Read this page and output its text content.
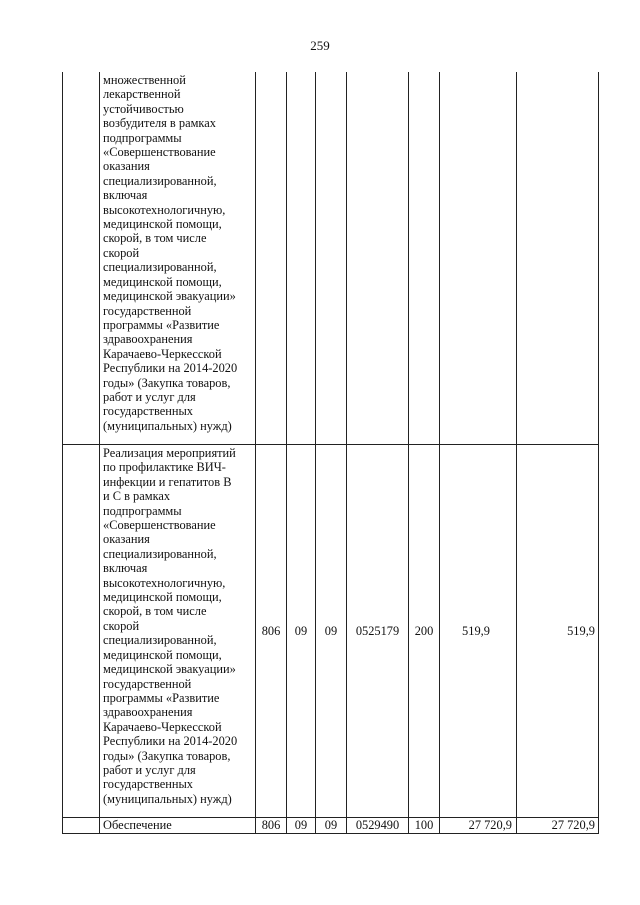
259
множественной
лекарственной
устойчивостью
возбудителя в рамках
подпрограммы
«Совершенствование
оказания
специализированной,
включая
высокотехнологичную,
медицинской помощи,
скорой, в том числе
скорой
специализированной,
медицинской помощи,
медицинской эвакуации»
государственной
программы «Развитие
здравоохранения
Карачаево-Черкесской
Республики на 2014-2020
годы» (Закупка товаров,
работ и услуг для
государственных
(муниципальных) нужд)
Реализация мероприятий
по профилактике ВИЧ-
инфекции и гепатитов В
и С в рамках
подпрограммы
«Совершенствование
оказания
специализированной,
включая
высокотехнологичную,
медицинской помощи,
скорой, в том числе
скорой
специализированной,
медицинской помощи,
медицинской эвакуации»
государственной
программы «Развитие
здравоохранения
Карачаево-Черкесской
Республики на 2014-2020
годы» (Закупка товаров,
работ и услуг для
государственных
(муниципальных) нужд)
806	09	09	0525179	200	519,9	519,9
Обеспечение	806	09	09	0529490	100	27 720,9	27 720,9
